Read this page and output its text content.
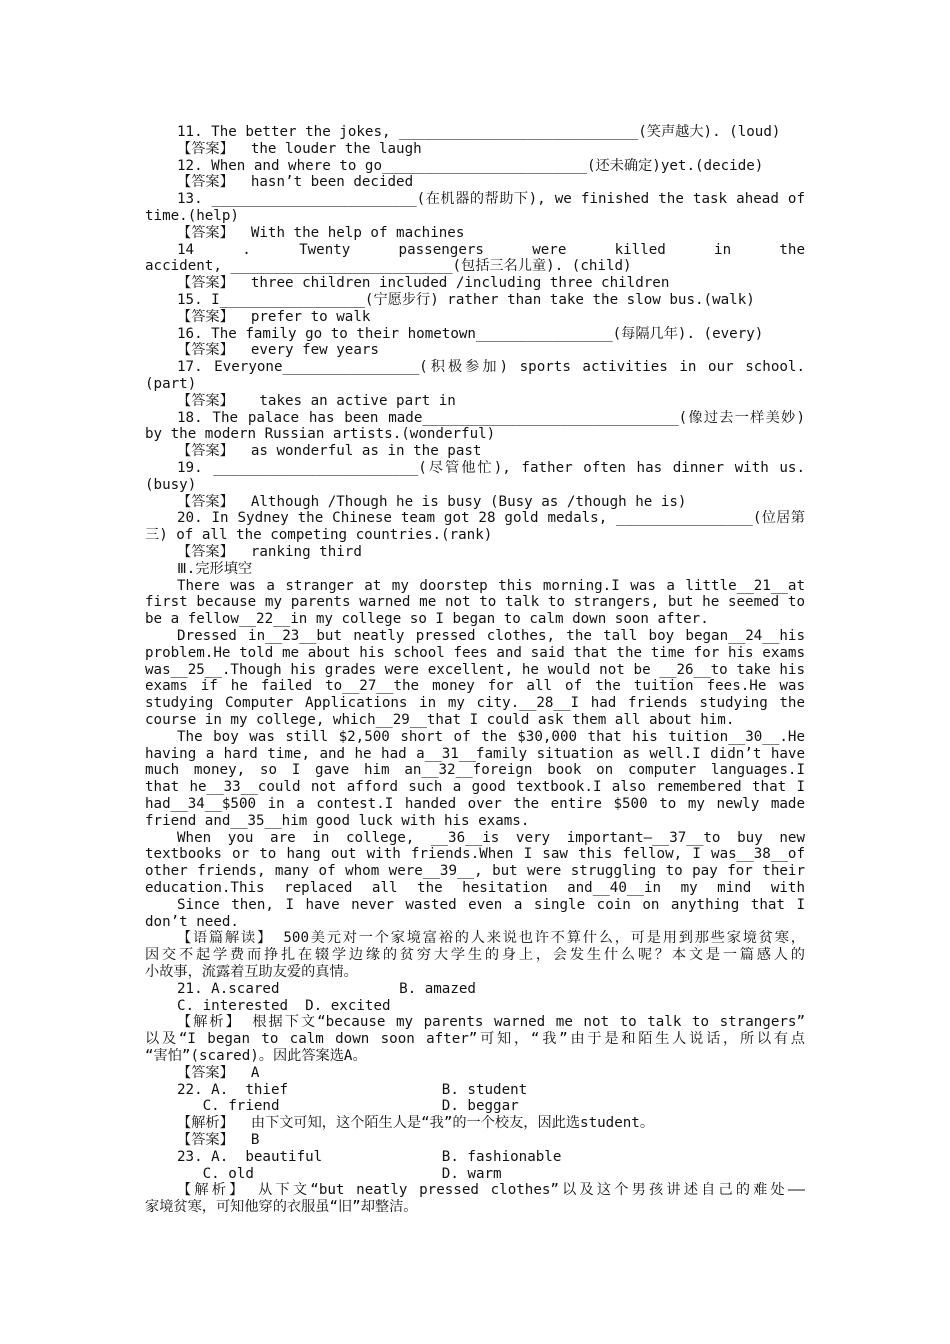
11. The better the jokes, ____________________________(笑声越大). (loud)

【答案】  the louder the laugh

12. When and where to go________________________(还未确定)yet.(decide)

【答案】  hasn’t been decided

13. ________________________(在机器的帮助下), we finished the task ahead of

time.(help)

【答案】  With the help of machines

14 . Twenty passengers were killed in the

accident, __________________________(包括三名儿童). (child)

【答案】  three children included /including three children

15. I_________________(宁愿步行) rather than take the slow bus.(walk)

【答案】  prefer to walk

16. The family go to their hometown________________(每隔几年). (every)

【答案】  every few years

17. Everyone________________(积极参加) sports activities in our school.

(part)

【答案】   takes an active part in

18. The palace has been made______________________________(像过去一样美妙)

by the modern Russian artists.(wonderful)

【答案】  as wonderful as in the past

19. ________________________(尽管他忙), father often has dinner with us.

(busy)

【答案】  Although /Though he is busy (Busy as /though he is)

20. In Sydney the Chinese team got 28 gold medals, ________________(位居第

三) of all the competing countries.(rank)

【答案】  ranking third

Ⅲ.完形填空

There was a stranger at my doorstep this morning.I was a little__21__at

first because my parents warned me not to talk to strangers, but he seemed to

be a fellow__22__in my college so I began to calm down soon after.

Dressed in__23__but neatly pressed clothes, the tall boy began__24__his

problem.He told me about his school fees and said that the time for his exams

was__25__.Though his grades were excellent, he would not be __26__to take his

exams if he failed to__27__the money for all of the tuition fees.He was

studying Computer Applications in my city.__28__I had friends studying the

course in my college, which__29__that I could ask them all about him.

The boy was still $2,500 short of the $30,000 that his tuition__30__.He

having a hard time, and he had a__31__family situation as well.I didn’t have

much money, so I gave him an__32__foreign book on computer languages.I

that he__33__could not afford such a good textbook.I also remembered that I

had__34__$500 in a contest.I handed over the entire $500 to my newly made

friend and__35__him good luck with his exams.

When you are in college, __36__is very important—__37__to buy new

textbooks or to hang out with friends.When I saw this fellow, I was__38__of

other friends, many of whom were__39__, but were struggling to pay for their

education.This replaced all the hesitation and__40__in my mind with

Since then, I have never wasted even a single coin on anything that I

don’t need.

【语篇解读】 500美元对一个家境富裕的人来说也许不算什么，可是用到那些家境贫寒，

因交不起学费而挣扎在辍学边缘的贫穷大学生的身上，会发生什么呢？本文是一篇感人的

小故事，流露着互助友爱的真情。

21. A.scared              B. amazed

C. interested  D. excited

【解析】 根据下文“because my parents warned me not to talk to strangers”

以及“I began to calm down soon after”可知，“我”由于是和陌生人说话，所以有点

“害怕”(scared)。因此答案选A。

【答案】  A

22. A.  thief                  B. student

C. friend                   D. beggar

【解析】  由下文可知，这个陌生人是“我”的一个校友，因此选student。

【答案】  B

23. A.  beautiful              B. fashionable

C. old                      D. warm

【解析】 从下文“but neatly pressed clothes”以及这个男孩讲述自己的难处——

家境贫寒，可知他穿的衣服虽“旧”却整洁。
